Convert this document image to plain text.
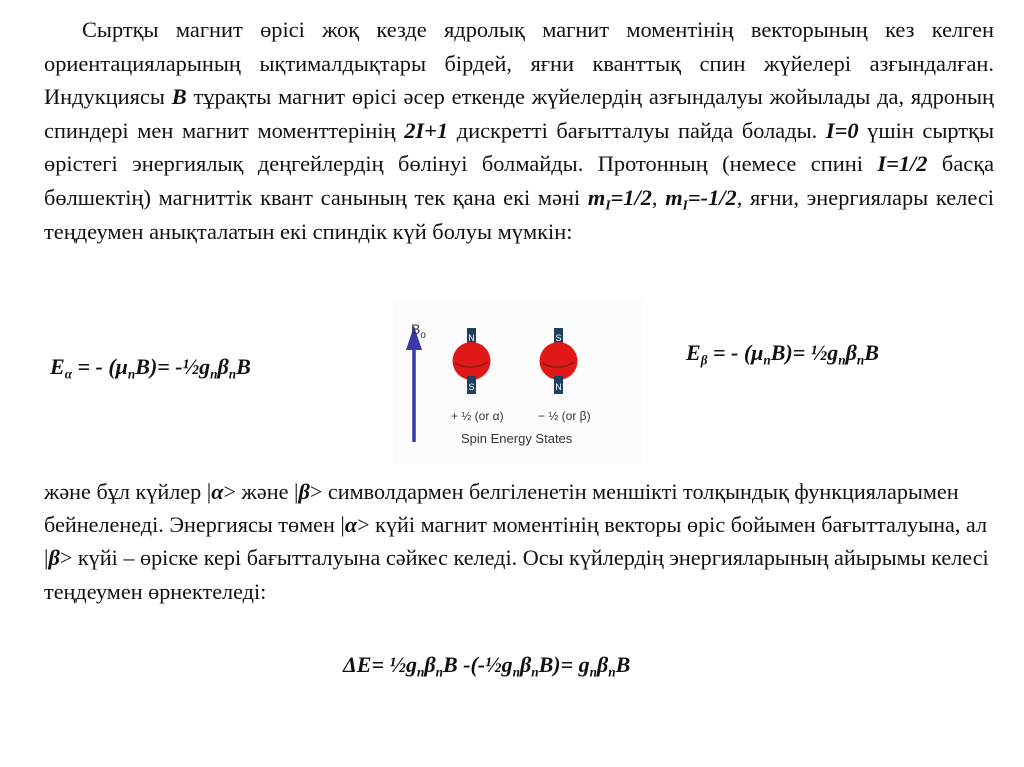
Сыртқы магнит өрісі жоқ кезде ядролық магнит моментінің векторының кез келген ориентацияларының ықтималдықтары бірдей, яғни кванттық спин жүйелері азғындалған. Индукциясы B тұрақты магнит өрісі әсер еткенде жүйелердің азғындалуы жойылады да, ядроның спиндері мен магнит моменттерінің 2I+1 дискретті бағытталуы пайда болады. I=0 үшін сыртқы өрістегі энергиялық деңгейлердің бөлінуі болмайды. Протонның (немесе спині I=1/2 басқа бөлшектің) магниттік квант санының тек қана екі мәні $m_I=1/2$, $m_I=-1/2$, яғни, энергиялары келесі теңдеумен анықталатын екі спиндік күй болуы мүмкін:

$E_\alpha$ = - $(\mu_nB)=$ $-\frac{1}{2}g_n\beta_nB$
$E_\beta$ = - $(\mu_nB)=$ $\frac{1}{2}g_n\beta_nB$
$B_o$	N
S
S
N
+ ½ (or α)	− ½ (or β)
Spin Energy States

және бұл күйлер |α> және |β> символдармен белгіленетін меншікті толқындық функцияларымен бейнеленеді. Энергиясы төмен |α> күйі магнит моментінің векторы өріс бойымен бағытталуына, ал |β> күйі – өріске кері бағытталуына сәйкес келеді. Осы күйлердің энергияларының айырымы келесі теңдеумен өрнектеледі:

$\Delta E= \frac{1}{2}g_n\beta_nB$ $-(-\frac{1}{2}g_n\beta_nB)= g_n\beta_nB$
